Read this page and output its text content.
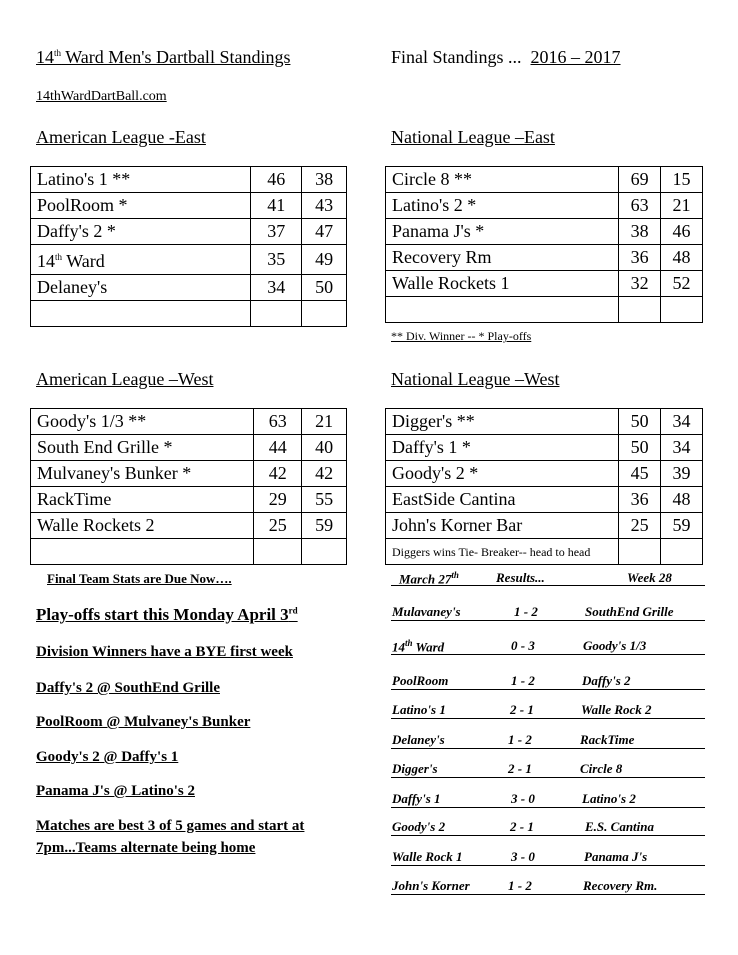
14th Ward Men's Dartball Standings	Final Standings ... 2016 – 2017
14thWardDartBall.com
American League -East
Latino's 1 **	46	38
PoolRoom *	41	43
Daffy's 2 *	37	47
14th Ward	35	49
Delaney's	34	50

National League –East
Circle 8 **	69	15
Latino's 2 *	63	21
Panama J's *	38	46
Recovery Rm	36	48
Walle Rockets 1	32	52

** Div. Winner -- * Play-offs
American League –West
Goody's 1/3 **	63	21
South End Grille *	44	40
Mulvaney's Bunker *	42	42
RackTime	29	55
Walle Rockets 2	25	59

National League –West
Digger's **	50	34
Daffy's 1 *	50	34
Goody's 2 *	45	39
EastSide Cantina	36	48
John's Korner Bar	25	59
Diggers wins Tie- Breaker-- head to head		
Final Team Stats are Due Now….
Play-offs start this Monday April 3rd
Division Winners have a BYE first week
Daffy's 2 @ SouthEnd Grille
PoolRoom @ Mulvaney's Bunker
Goody's 2 @ Daffy's 1
Panama J's @ Latino's 2
Matches are best 3 of 5 games and start at
7pm...Teams alternate being home
March 27th	Results...	Week 28
Mulavaney's	1 - 2	SouthEnd Grille
14th Ward	0 - 3	Goody's 1/3
PoolRoom	1 - 2	Daffy's 2
Latino's 1	2 - 1	Walle Rock 2
Delaney's	1 - 2	RackTime
Digger's	2 - 1	Circle 8
Daffy's 1	3 - 0	Latino's 2
Goody's 2	2 - 1	E.S. Cantina
Walle Rock 1	3 - 0	Panama J's
John's Korner	1 - 2	Recovery Rm.
